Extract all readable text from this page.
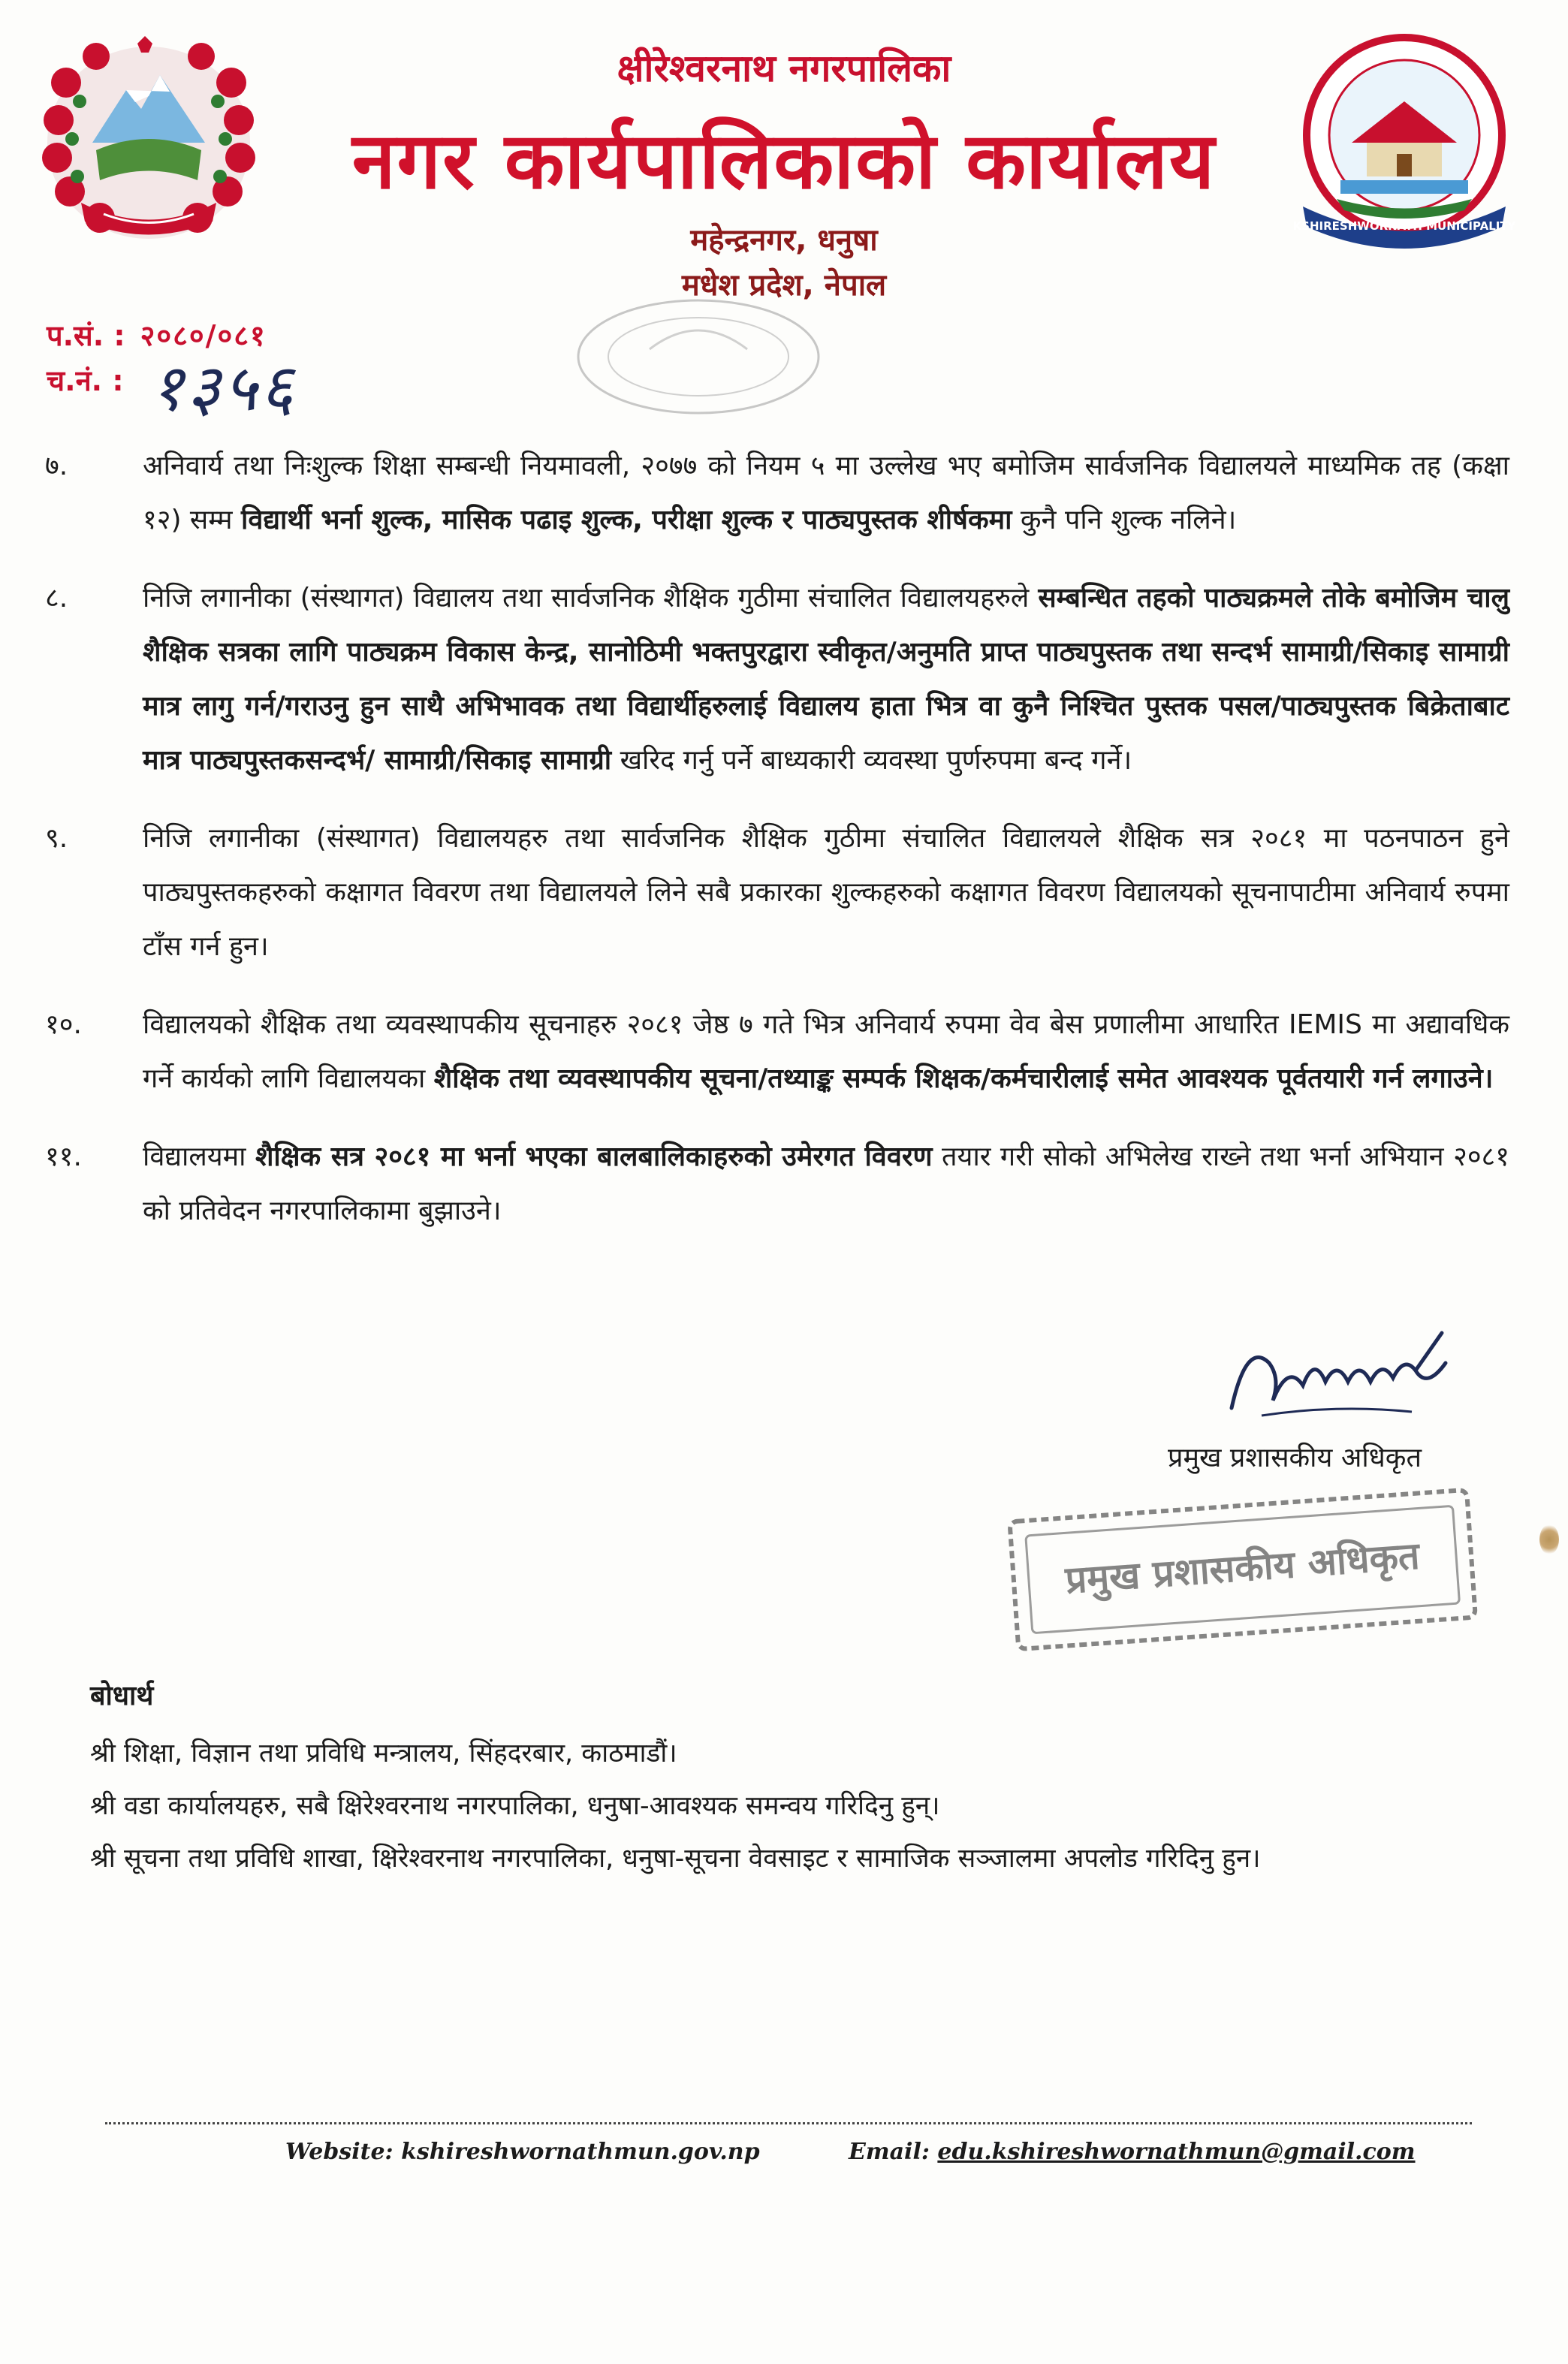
क्षीरेश्वरनाथ नगरपालिका
नगर कार्यपालिकाको कार्यालय
महेन्द्रनगर, धनुषा
मधेश प्रदेश, नेपाल
KSHIRESHWORNATH MUNICIPALITY
प.सं. : २०८०/०८१
च.नं. : १३५६
७.	अनिवार्य तथा निःशुल्क शिक्षा सम्बन्धी नियमावली, २०७७ को नियम ५ मा उल्लेख भए बमोजिम सार्वजनिक विद्यालयले माध्यमिक तह (कक्षा १२) सम्म विद्यार्थी भर्ना शुल्क, मासिक पढाइ शुल्क, परीक्षा शुल्क र पाठ्यपुस्तक शीर्षकमा कुनै पनि शुल्क नलिने।
८.	निजि लगानीका (संस्थागत) विद्यालय तथा सार्वजनिक शैक्षिक गुठीमा संचालित विद्यालयहरुले सम्बन्धित तहको पाठ्यक्रमले तोके बमोजिम चालु शैक्षिक सत्रका लागि पाठ्यक्रम विकास केन्द्र, सानोठिमी भक्तपुरद्वारा स्वीकृत/अनुमति प्राप्त पाठ्यपुस्तक तथा सन्दर्भ सामाग्री/सिकाइ सामाग्री मात्र लागु गर्न/गराउनु हुन साथै अभिभावक तथा विद्यार्थीहरुलाई विद्यालय हाता भित्र वा कुनै निश्चित पुस्तक पसल/पाठ्यपुस्तक बिक्रेताबाट मात्र पाठ्यपुस्तकसन्दर्भ/ सामाग्री/सिकाइ सामाग्री खरिद गर्नु पर्ने बाध्यकारी व्यवस्था पुर्णरुपमा बन्द गर्ने।
९.	निजि लगानीका (संस्थागत) विद्यालयहरु तथा सार्वजनिक शैक्षिक गुठीमा संचालित विद्यालयले शैक्षिक सत्र २०८१ मा पठनपाठन हुने पाठ्यपुस्तकहरुको कक्षागत विवरण तथा विद्यालयले लिने सबै प्रकारका शुल्कहरुको कक्षागत विवरण विद्यालयको सूचनापाटीमा अनिवार्य रुपमा टाँस गर्न हुन।
१०.	विद्यालयको शैक्षिक तथा व्यवस्थापकीय सूचनाहरु २०८१ जेष्ठ ७ गते भित्र अनिवार्य रुपमा वेव बेस प्रणालीमा आधारित IEMIS मा अद्यावधिक गर्ने कार्यको लागि विद्यालयका शैक्षिक तथा व्यवस्थापकीय सूचना/तथ्याङ्क सम्पर्क शिक्षक/कर्मचारीलाई समेत आवश्यक पूर्वतयारी गर्न लगाउने।
११.	विद्यालयमा शैक्षिक सत्र २०८१ मा भर्ना भएका बालबालिकाहरुको उमेरगत विवरण तयार गरी सोको अभिलेख राख्ने तथा भर्ना अभियान २०८१ को प्रतिवेदन नगरपालिकामा बुझाउने।
प्रमुख प्रशासकीय अधिकृत
प्रमुख प्रशासकीय अधिकृत
बोधार्थ
श्री शिक्षा, विज्ञान तथा प्रविधि मन्त्रालय, सिंहदरबार, काठमाडौं।
श्री वडा कार्यालयहरु, सबै क्षिरेश्वरनाथ नगरपालिका, धनुषा-आवश्यक समन्वय गरिदिनु हुन्।
श्री सूचना तथा प्रविधि शाखा, क्षिरेश्वरनाथ नगरपालिका, धनुषा-सूचना वेवसाइट र सामाजिक सञ्जालमा अपलोड गरिदिनु हुन।
Website: kshireshwornathmun.gov.np	Email: edu.kshireshwornathmun@gmail.com
